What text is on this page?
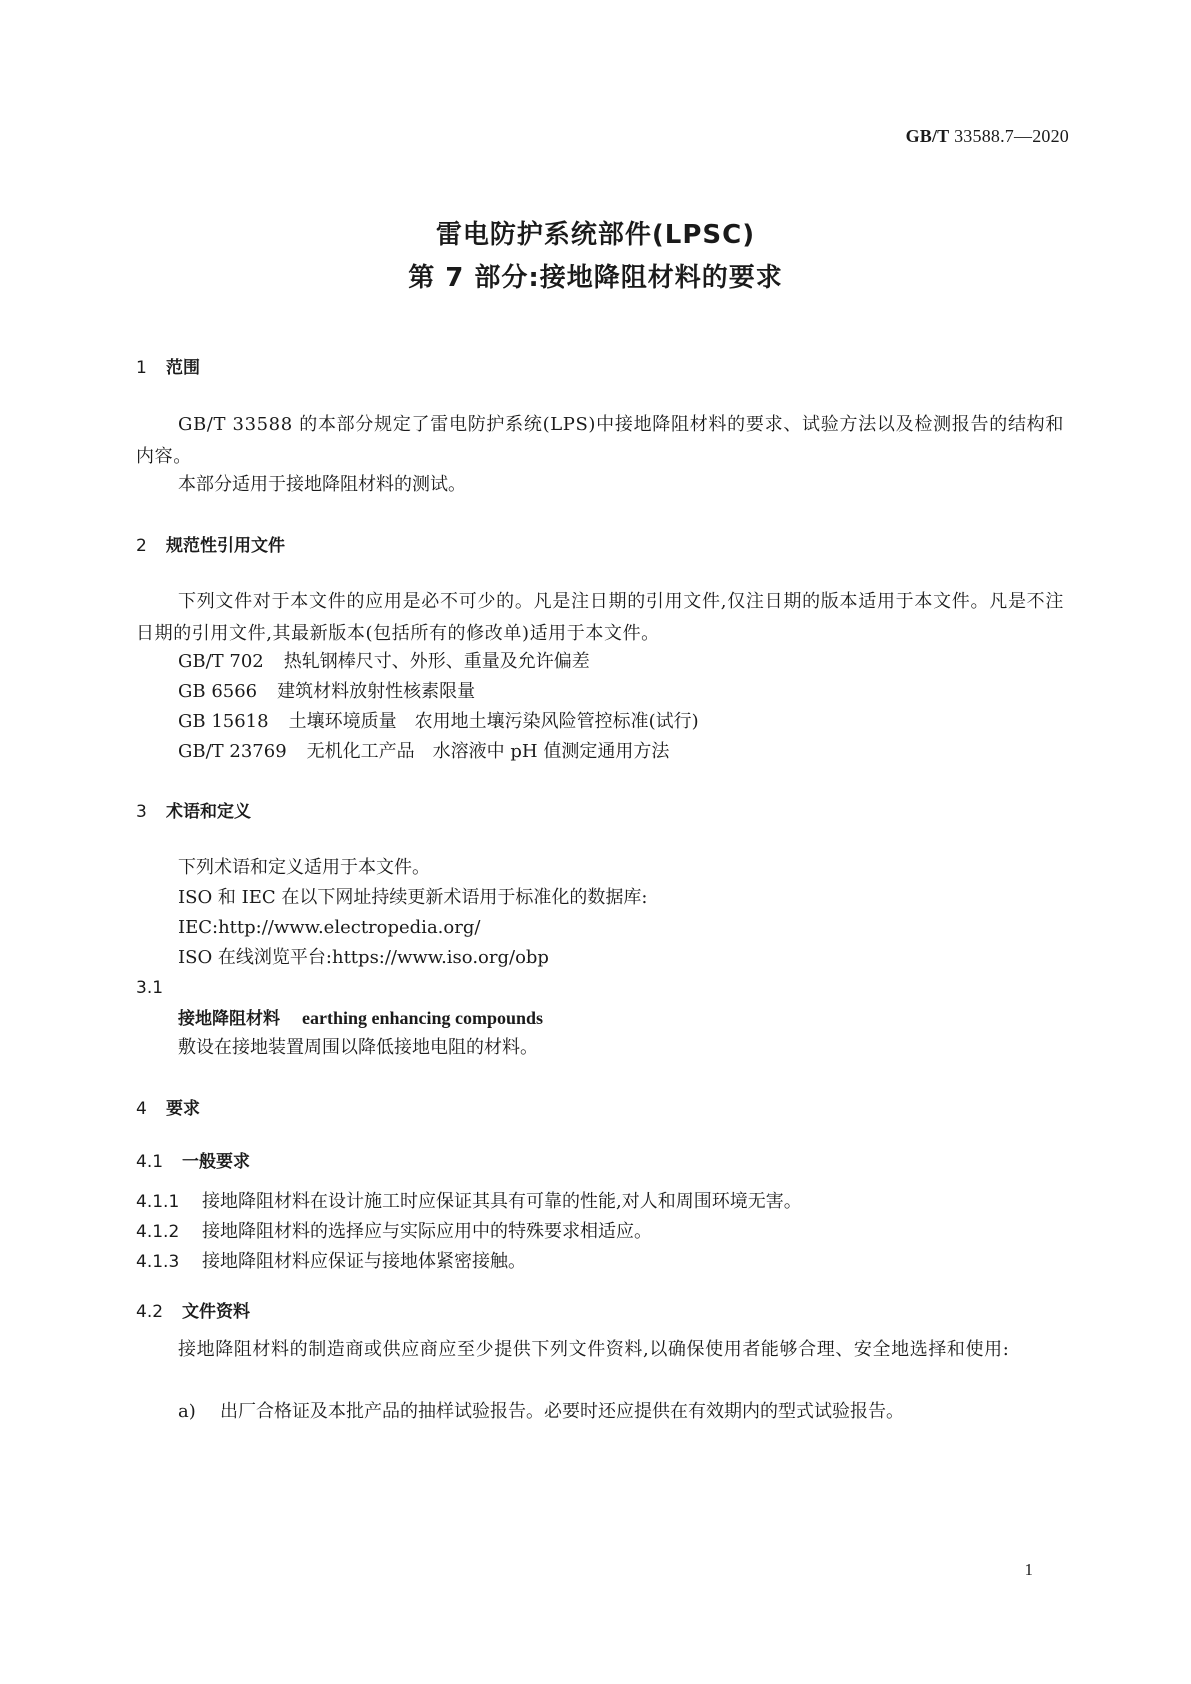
GB/T 33588.7—2020
雷电防护系统部件(LPSC)
第 7 部分:接地降阻材料的要求
1 范围
GB/T 33588 的本部分规定了雷电防护系统(LPS)中接地降阻材料的要求、试验方法以及检测报告的结构和内容。
本部分适用于接地降阻材料的测试。
2 规范性引用文件
下列文件对于本文件的应用是必不可少的。凡是注日期的引用文件,仅注日期的版本适用于本文件。凡是不注日期的引用文件,其最新版本(包括所有的修改单)适用于本文件。
GB/T 702 热轧钢棒尺寸、外形、重量及允许偏差
GB 6566 建筑材料放射性核素限量
GB 15618 土壤环境质量　农用地土壤污染风险管控标准(试行)
GB/T 23769 无机化工产品　水溶液中 pH 值测定通用方法
3 术语和定义
下列术语和定义适用于本文件。
ISO 和 IEC 在以下网址持续更新术语用于标准化的数据库:
IEC:http://www.electropedia.org/
ISO 在线浏览平台:https://www.iso.org/obp
3.1
接地降阻材料 earthing enhancing compounds
敷设在接地装置周围以降低接地电阻的材料。
4 要求
4.1 一般要求
4.1.1 接地降阻材料在设计施工时应保证其具有可靠的性能,对人和周围环境无害。
4.1.2 接地降阻材料的选择应与实际应用中的特殊要求相适应。
4.1.3 接地降阻材料应保证与接地体紧密接触。
4.2 文件资料
接地降阻材料的制造商或供应商应至少提供下列文件资料,以确保使用者能够合理、安全地选择和使用:
a) 出厂合格证及本批产品的抽样试验报告。必要时还应提供在有效期内的型式试验报告。
1
